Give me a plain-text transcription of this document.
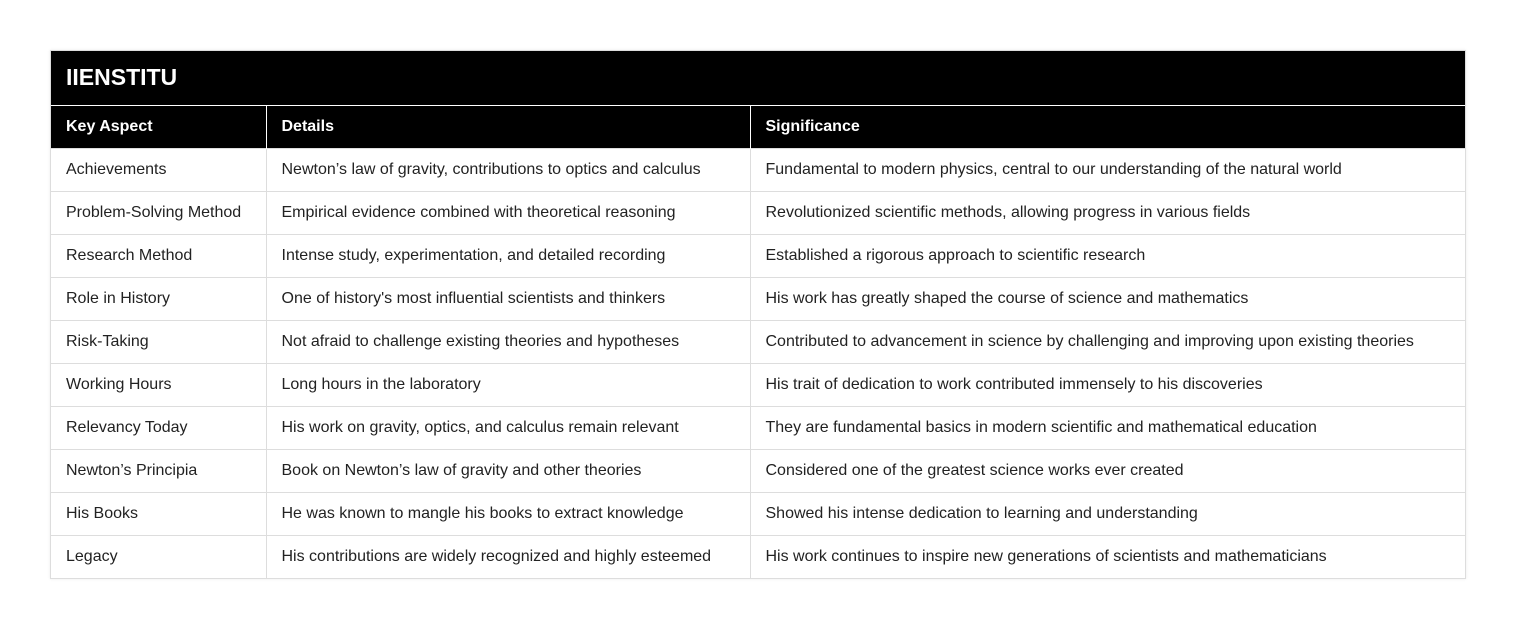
IIENSTITU		
Key Aspect	Details	Significance
Achievements	Newton’s law of gravity, contributions to optics and calculus	Fundamental to modern physics, central to our understanding of the natural world
Problem-Solving Method	Empirical evidence combined with theoretical reasoning	Revolutionized scientific methods, allowing progress in various fields
Research Method	Intense study, experimentation, and detailed recording	Established a rigorous approach to scientific research
Role in History	One of history's most influential scientists and thinkers	His work has greatly shaped the course of science and mathematics
Risk-Taking	Not afraid to challenge existing theories and hypotheses	Contributed to advancement in science by challenging and improving upon existing theories
Working Hours	Long hours in the laboratory	His trait of dedication to work contributed immensely to his discoveries
Relevancy Today	His work on gravity, optics, and calculus remain relevant	They are fundamental basics in modern scientific and mathematical education
Newton’s Principia	Book on Newton’s law of gravity and other theories	Considered one of the greatest science works ever created
His Books	He was known to mangle his books to extract knowledge	Showed his intense dedication to learning and understanding
Legacy	His contributions are widely recognized and highly esteemed	His work continues to inspire new generations of scientists and mathematicians
